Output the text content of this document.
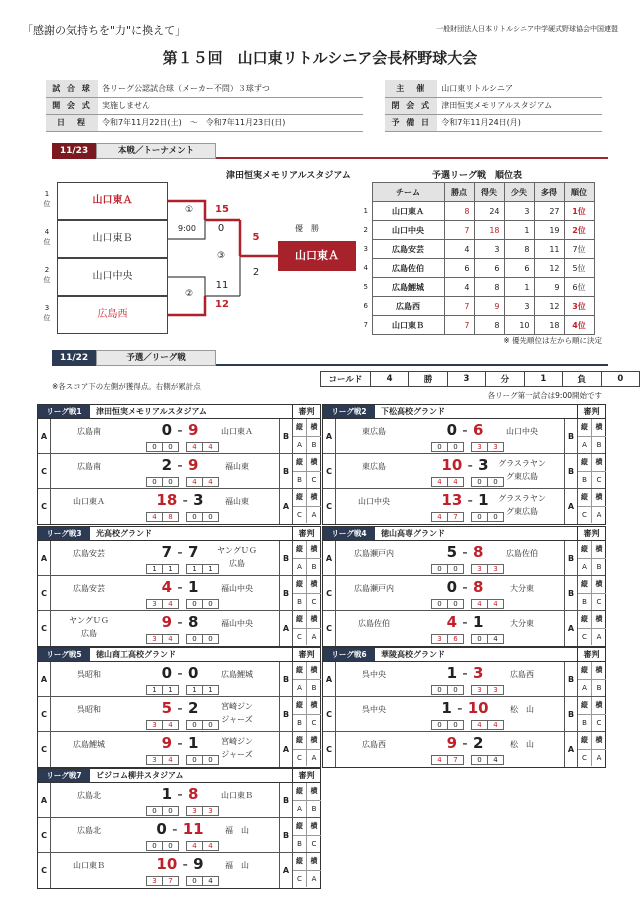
「感謝の気持ちを"力"に換えて」	一般財団法人日本リトルシニア中学硬式野球協会中国連盟
第１５回　山口東リトルシニア会長杯野球大会
試 合 球	各リーグ公認試合球（メーカー不問）３球ずつ		主　催	山口東リトルシニア
開 会 式	実施しません		閉 会 式	津田恒実メモリアルスタジアム
日　程	令和7年11月22日(土)　～　令和7年11月23日(日)		予 備 日	令和7年11月24日(月)
11/23	本戦／トーナメント
津田恒実メモリアルスタジアム
1
位
4
位
2
位
3
位
山口東Ａ
山口東Ｂ
山口中央
広島西
①
9:00
15
0
②
11
12
③
5
2
優　勝
山口東Ａ
予選リーグ戦　順位表
	チーム	勝点	得失	少失	多得	順位
1	山口東Ａ	8	24	3	27	1位
2	山口中央	7	18	1	19	2位
3	広島安芸	4	3	8	11	7位
4	広島佐伯	6	6	6	12	5位
5	広島鯉城	4	8	1	9	6位
6	広島西	7	9	3	12	3位
7	山口東Ｂ	7	8	10	18	4位
※ 優先順位は左から順に決定
11/22	予選／リーグ戦
※各スコア下の左側が獲得点。右側が累計点
コールド	4	勝	3	分	1	負	0
各リーグ第一試合は9:00開始です
リーグ戦1	津田恒実メモリアルスタジアム	審判
A
広島南	0 - 9	山口東Ａ
0	0	4	4
B
縦	横
A	B
C
広島南	2 - 9	福山東
0	0	4	4
B
縦	横
B	C
C
山口東Ａ	18 - 3	福山東
4	8	0	0
A
縦	横
C	A
リーグ戦2	下松高校グランド	審判
A
東広島	0 - 6	山口中央
0	0	3	3
B
縦	横
A	B
C
東広島	10 - 3	グラスラヤン
グ東広島
4	4	0	0
B
縦	横
B	C
C
山口中央	13 - 1	グラスラヤン
グ東広島
4	7	0	0
A
縦	横
C	A
リーグ戦3	光高校グランド	審判
A
広島安芸	7 - 7	ヤングＵＧ
広島
1	1	1	1
B
縦	横
A	B
C
広島安芸	4 - 1	福山中央
3	4	0	0
B
縦	横
B	C
C
ヤングＵＧ
広島
9 - 8	福山中央
3	4	0	0
A
縦	横
C	A
リーグ戦4	徳山高専グランド	審判
A
広島瀬戸内	5 - 8	広島佐伯
0	0	3	3
B
縦	横
A	B
C
広島瀬戸内	0 - 8	大分東
0	0	4	4
B
縦	横
B	C
C
広島佐伯	4 - 1	大分東
3	6	0	4
A
縦	横
C	A
リーグ戦5	徳山商工高校グランド	審判
A
呉昭和	0 - 0	広島鯉城
1	1	1	1
B
縦	横
A	B
C
呉昭和	5 - 2	宮崎ジン
ジャーズ
3	4	0	0
B
縦	横
B	C
C
広島鯉城	9 - 1	宮崎ジン
ジャーズ
3	4	0	0
A
縦	横
C	A
リーグ戦6	華陵高校グランド	審判
A
呉中央	1 - 3	広島西
0	0	3	3
B
縦	横
A	B
C
呉中央	1 - 10	松　山
0	0	4	4
B
縦	横
B	C
C
広島西	9 - 2	松　山
4	7	0	4
A
縦	横
C	A
リーグ戦7	ビジコム柳井スタジアム	審判
A
広島北	1 - 8	山口東Ｂ
0	0	3	3
B
縦	横
A	B
C
広島北	0 - 11	福　山
0	0	4	4
B
縦	横
B	C
C
山口東Ｂ	10 - 9	福　山
3	7	0	4
A
縦	横
C	A
